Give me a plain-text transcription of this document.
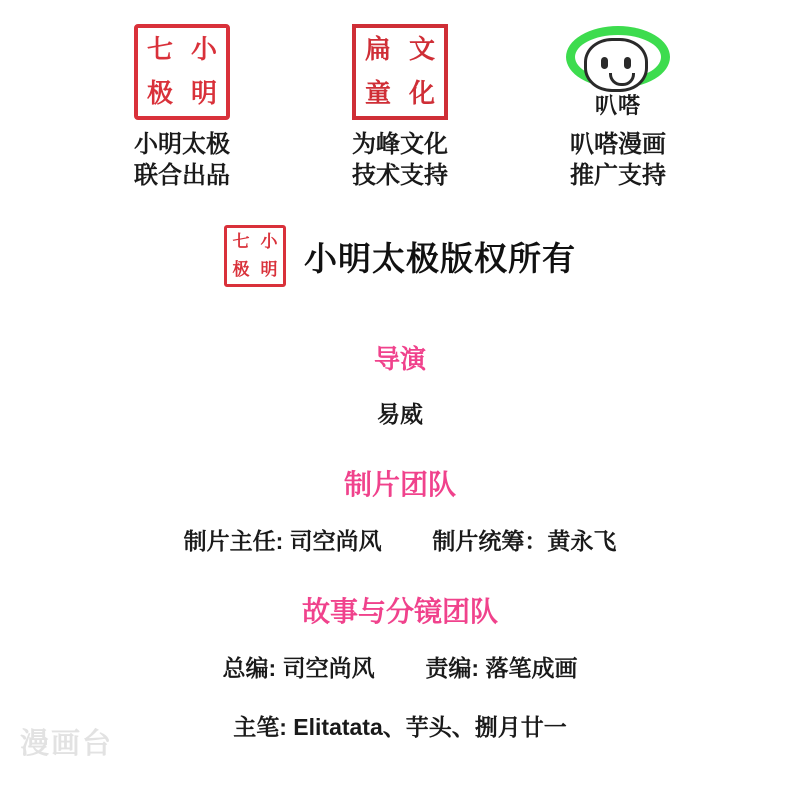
七 小
极 明
小明太极
联合出品
扁 文
童 化
为峰文化
技术支持
叭嗒
叭嗒漫画
推广支持
七 小
极 明 小明太极版权所有

导演

易威

制片团队

制片主任: 司空尚风 制片统筹：黄永飞

故事与分镜团队

总编: 司空尚风 责编: 落笔成画

主笔: Elitatata、芋头、捌月廿一

漫画台
